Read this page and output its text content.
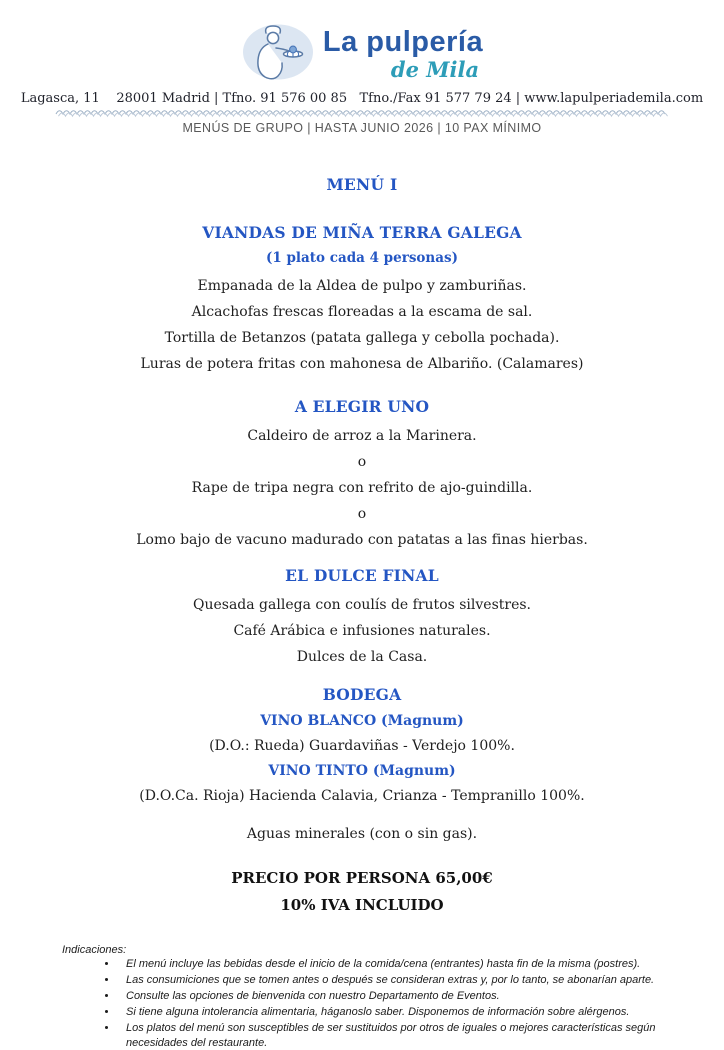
La pulpería
de Mila
Lagasca, 11    28001 Madrid | Tfno. 91 576 00 85   Tfno./Fax 91 577 79 24 | www.lapulperiademila.com
MENÚS DE GRUPO | HASTA JUNIO 2026 | 10 PAX MÍNIMO
MENÚ I
VIANDAS DE MIÑA TERRA GALEGA
(1 plato cada 4 personas)
Empanada de la Aldea de pulpo y zamburiñas.
Alcachofas frescas floreadas a la escama de sal.
Tortilla de Betanzos (patata gallega y cebolla pochada).
Luras de potera fritas con mahonesa de Albariño. (Calamares)
A ELEGIR UNO
Caldeiro de arroz a la Marinera.
o
Rape de tripa negra con refrito de ajo-guindilla.
o
Lomo bajo de vacuno madurado con patatas a las finas hierbas.
EL DULCE FINAL
Quesada gallega con coulís de frutos silvestres.
Café Arábica e infusiones naturales.
Dulces de la Casa.
BODEGA
VINO BLANCO (Magnum)
(D.O.: Rueda) Guardaviñas - Verdejo 100%.
VINO TINTO (Magnum)
(D.O.Ca. Rioja) Hacienda Calavia, Crianza - Tempranillo 100%.
Aguas minerales (con o sin gas).
PRECIO POR PERSONA 65,00€
10% IVA INCLUIDO

Indicaciones:

• El menú incluye las bebidas desde el inicio de la comida/cena (entrantes) hasta fin de la misma (postres).
• Las consumiciones que se tomen antes o después se consideran extras y, por lo tanto, se abonarían aparte.
• Consulte las opciones de bienvenida con nuestro Departamento de Eventos.
• Si tiene alguna intolerancia alimentaria, háganoslo saber. Disponemos de información sobre alérgenos.
• Los platos del menú son susceptibles de ser sustituidos por otros de iguales o mejores características según necesidades del restaurante.
